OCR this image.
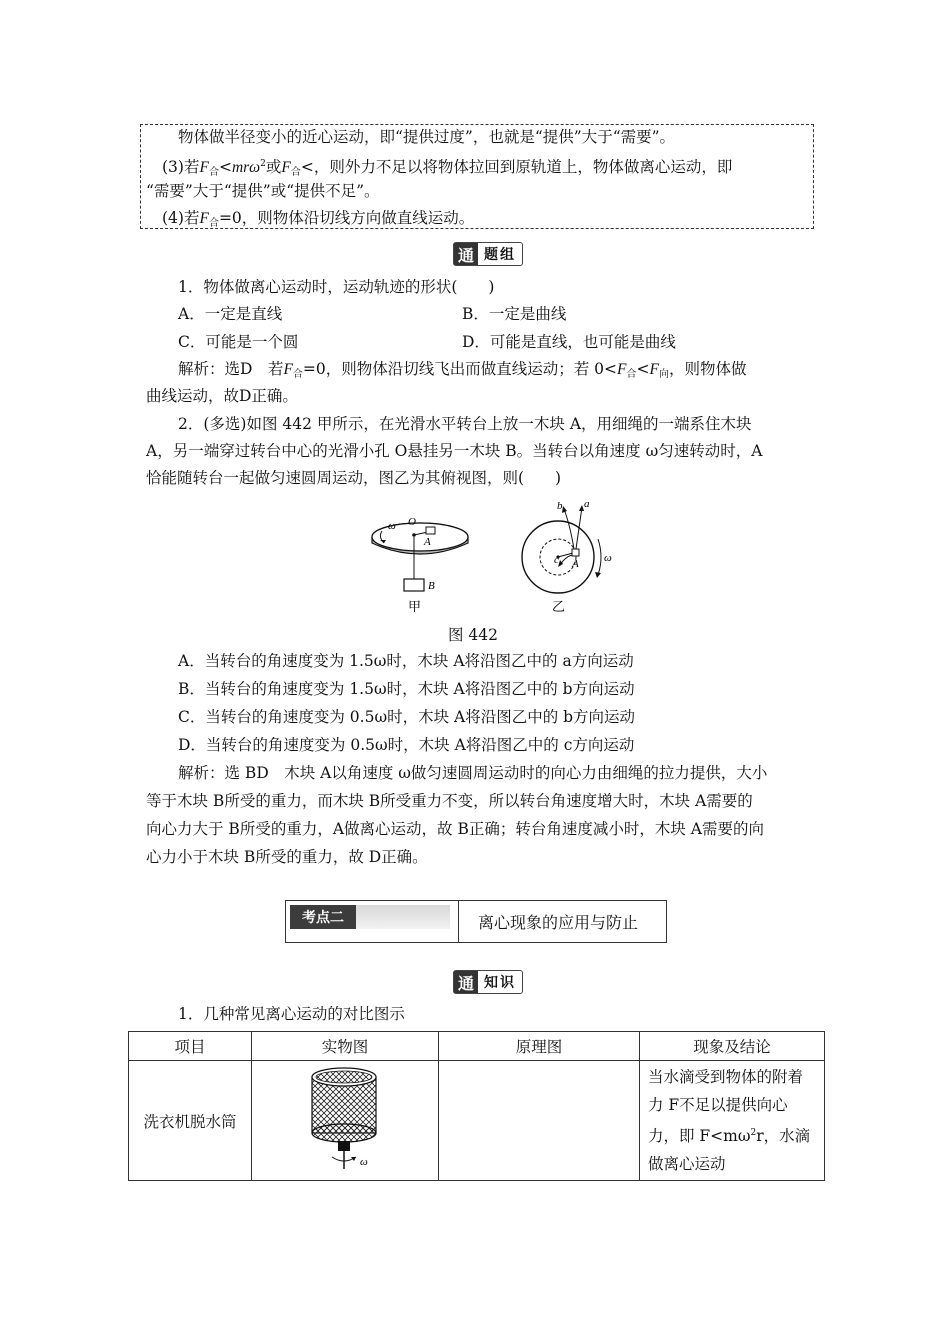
物体做半径变小的近心运动，即“提供过度”，也就是“提供”大于“需要”。
(3)若$F_合<mr\omega^2$或$F_合<$，则外力不足以将物体拉回到原轨道上，物体做离心运动，即
“需要”大于“提供”或“提供不足”。
(4)若$F_合=0$，则物体沿切线方向做直线运动。
通 题组
1．物体做离心运动时，运动轨迹的形状(　　)
A．一定是直线	B．一定是曲线
C．可能是一个圆	D．可能是直线，也可能是曲线
解析：选D　若$F_合=0$，则物体沿切线飞出而做直线运动；若 $0<F_合<F_向$，则物体做
曲线运动，故D正确。
2．(多选)如图 442 甲所示，在光滑水平转台上放一木块 A，用细绳的一端系住木块
A，另一端穿过转台中心的光滑小孔 O悬挂另一木块 B。当转台以角速度 ω匀速转动时，A
恰能随转台一起做匀速圆周运动，图乙为其俯视图，则(　　)
ω O
A
B
甲
a
b
c A ω
乙
图 442
A．当转台的角速度变为 1.5ω时，木块 A将沿图乙中的 a方向运动
B．当转台的角速度变为 1.5ω时，木块 A将沿图乙中的 b方向运动
C．当转台的角速度变为 0.5ω时，木块 A将沿图乙中的 b方向运动
D．当转台的角速度变为 0.5ω时，木块 A将沿图乙中的 c方向运动
解析：选 BD　木块 A以角速度 ω做匀速圆周运动时的向心力由细绳的拉力提供，大小
等于木块 B所受的重力，而木块 B所受重力不变，所以转台角速度增大时，木块 A需要的
向心力大于 B所受的重力，A做离心运动，故 B正确；转台角速度减小时，木块 A需要的向
心力小于木块 B所受的重力，故 D正确。
考点二	离心现象的应用与防止
通 知识
1．几种常见离心运动的对比图示
项目	实物图	原理图	现象及结论
洗衣机脱水筒	ω		当水滴受到物体的附着
力 F不足以提供向心
力，即 $F<m\omega^2r$，水滴
做离心运动
